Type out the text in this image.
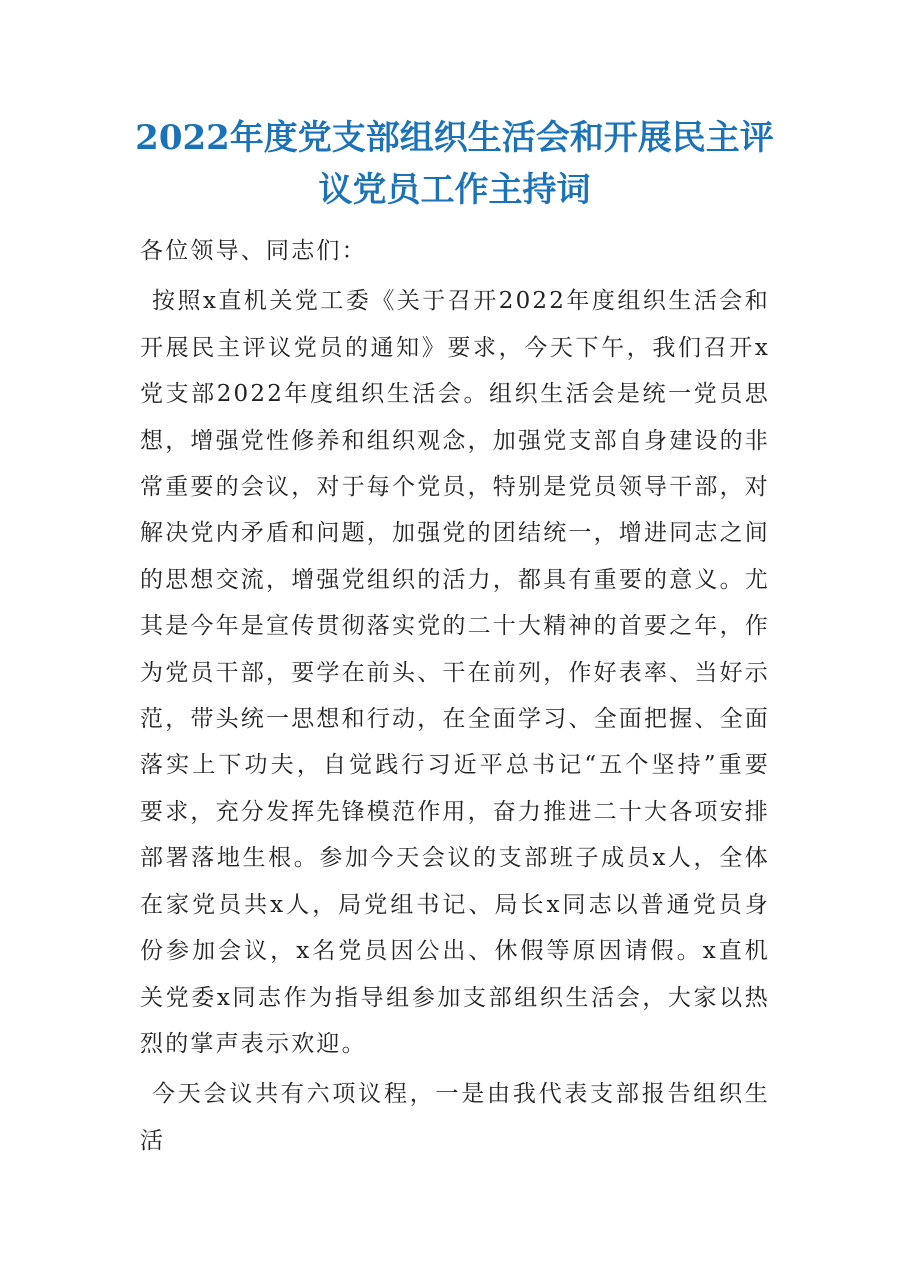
2022年度党支部组织生活会和开展民主评
议党员工作主持词

各位领导、同志们：

按照x直机关党工委《关于召开2022年度组织生活会和开展民主评议党员的通知》要求，今天下午，我们召开x党支部2022年度组织生活会。组织生活会是统一党员思想，增强党性修养和组织观念，加强党支部自身建设的非常重要的会议，对于每个党员，特别是党员领导干部，对解决党内矛盾和问题，加强党的团结统一，增进同志之间的思想交流，增强党组织的活力，都具有重要的意义。尤其是今年是宣传贯彻落实党的二十大精神的首要之年，作为党员干部，要学在前头、干在前列，作好表率、当好示范，带头统一思想和行动，在全面学习、全面把握、全面落实上下功夫，自觉践行习近平总书记“五个坚持”重要要求，充分发挥先锋模范作用，奋力推进二十大各项安排部署落地生根。参加今天会议的支部班子成员x人，全体在家党员共x人，局党组书记、局长x同志以普通党员身份参加会议，x名党员因公出、休假等原因请假。x直机关党委x同志作为指导组参加支部组织生活会，大家以热烈的掌声表示欢迎。

今天会议共有六项议程，一是由我代表支部报告组织生活
